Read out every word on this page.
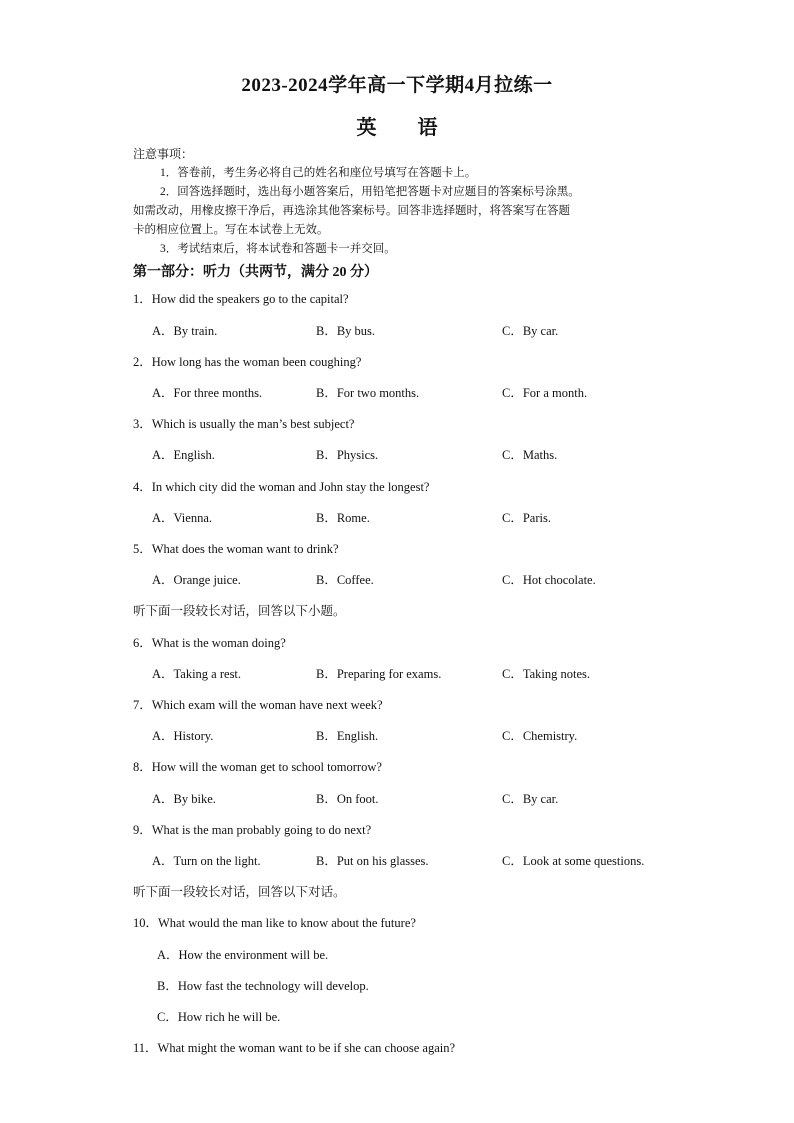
2023-2024学年高一下学期4月拉练一
英 语
注意事项：
1．答卷前，考生务必将自己的姓名和座位号填写在答题卡上。
2．回答选择题时，选出每小题答案后，用铅笔把答题卡对应题目的答案标号涂黑。
如需改动，用橡皮擦干净后，再选涂其他答案标号。回答非选择题时，将答案写在答题
卡的相应位置上。写在本试卷上无效。
3．考试结束后，将本试卷和答题卡一并交回。
第一部分：听力（共两节，满分 20 分）
1．How did the speakers go to the capital?
A．By train.	B．By bus.	C．By car.
2．How long has the woman been coughing?
A．For three months.	B．For two months.	C．For a month.
3．Which is usually the man’s best subject?
A．English.	B．Physics.	C．Maths.
4．In which city did the woman and John stay the longest?
A．Vienna.	B．Rome.	C．Paris.
5．What does the woman want to drink?
A．Orange juice.	B．Coffee.	C．Hot chocolate.
听下面一段较长对话，回答以下小题。
6．What is the woman doing?
A．Taking a rest.	B．Preparing for exams.	C．Taking notes.
7．Which exam will the woman have next week?
A．History.	B．English.	C．Chemistry.
8．How will the woman get to school tomorrow?
A．By bike.	B．On foot.	C．By car.
9．What is the man probably going to do next?
A．Turn on the light.	B．Put on his glasses.	C．Look at some questions.
听下面一段较长对话，回答以下对话。
10．What would the man like to know about the future?
A．How the environment will be.
B．How fast the technology will develop.
C．How rich he will be.
11．What might the woman want to be if she can choose again?
